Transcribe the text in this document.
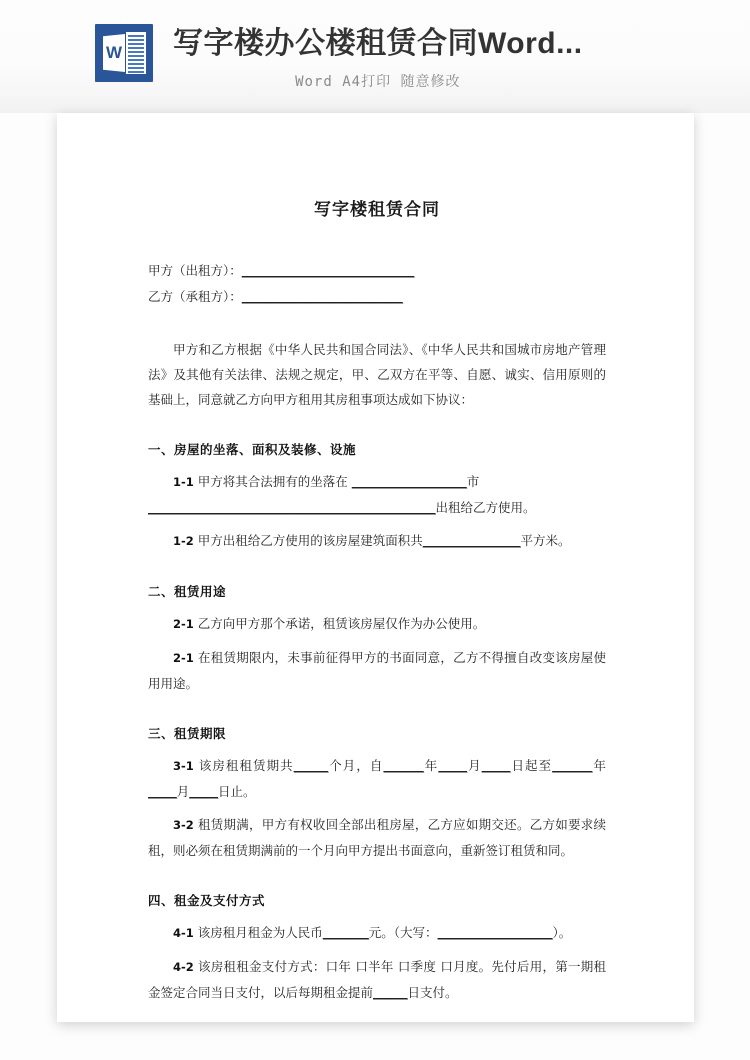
W 写字楼办公楼租赁合同Word...
Word A4打印 随意修改
写字楼租赁合同
甲方（出租方）：______________________________
乙方（承租方）：____________________________
甲方和乙方根据《中华人民共和国合同法》、《中华人民共和国城市房地产管理法》及其他有关法律、法规之规定，甲、乙双方在平等、自愿、诚实、信用原则的基础上，同意就乙方向甲方租用其房租事项达成如下协议：
一、房屋的坐落、面积及装修、设施
1-1 甲方将其合法拥有的坐落在 ____________________市
__________________________________________________出租给乙方使用。
1-2 甲方出租给乙方使用的该房屋建筑面积共_________________平方米。
二、租赁用途
2-1 乙方向甲方那个承诺，租赁该房屋仅作为办公使用。
2-1 在租赁期限内，未事前征得甲方的书面同意，乙方不得擅自改变该房屋使用用途。
三、租赁期限
3-1 该房租租赁期共______个月，自_______年_____月_____日起至_______年_____月_____日止。
3-2 租赁期满，甲方有权收回全部出租房屋，乙方应如期交还。乙方如要求续租，则必须在租赁期满前的一个月向甲方提出书面意向，重新签订租赁和同。
四、租金及支付方式
4-1 该房租月租金为人民币________元。（大写：____________________）。
4-2 该房租租金支付方式：口年 口半年 口季度 口月度。先付后用，第一期租金签定合同当日支付，以后每期租金提前______日支付。
